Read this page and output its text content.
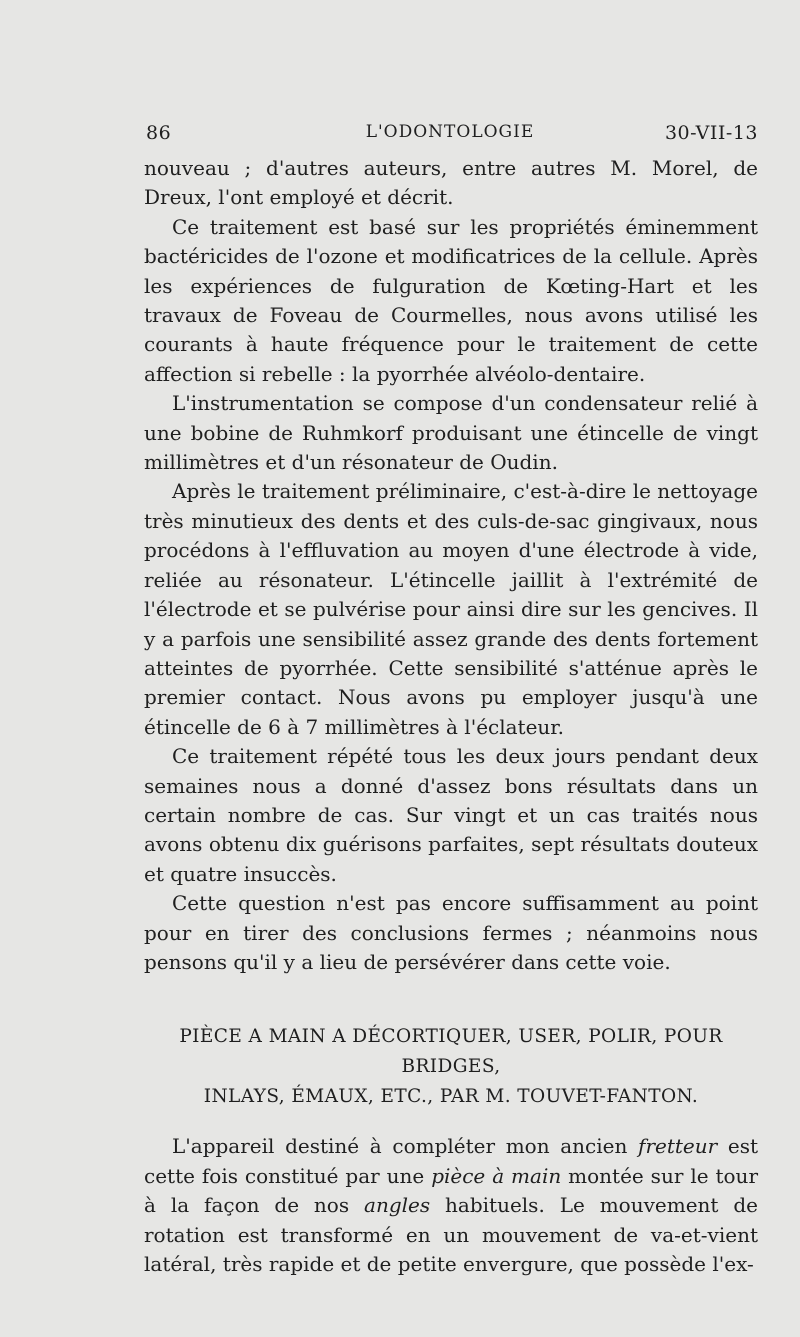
86	L'ODONTOLOGIE	30-VII-13

nouveau ; d'autres auteurs, entre autres M. Morel, de Dreux, l'ont employé et décrit.

Ce traitement est basé sur les propriétés éminemment bactéricides de l'ozone et modificatrices de la cellule. Après les expériences de fulguration de Kœting-Hart et les travaux de Foveau de Courmelles, nous avons utilisé les courants à haute fréquence pour le traitement de cette affection si rebelle : la pyorrhée alvéolo-dentaire.

L'instrumentation se compose d'un condensateur relié à une bobine de Ruhmkorf produisant une étincelle de vingt millimètres et d'un résonateur de Oudin.

Après le traitement préliminaire, c'est-à-dire le nettoyage très minutieux des dents et des culs-de-sac gingivaux, nous procédons à l'effluvation au moyen d'une électrode à vide, reliée au résonateur. L'étincelle jaillit à l'extrémité de l'électrode et se pulvérise pour ainsi dire sur les gencives. Il y a parfois une sensibilité assez grande des dents fortement atteintes de pyorrhée. Cette sensibilité s'atténue après le premier contact. Nous avons pu employer jusqu'à une étincelle de 6 à 7 millimètres à l'éclateur.

Ce traitement répété tous les deux jours pendant deux semaines nous a donné d'assez bons résultats dans un certain nombre de cas. Sur vingt et un cas traités nous avons obtenu dix guérisons parfaites, sept résultats douteux et quatre insuccès.

Cette question n'est pas encore suffisamment au point pour en tirer des conclusions fermes ; néanmoins nous pensons qu'il y a lieu de persévérer dans cette voie.

PIÈCE A MAIN A DÉCORTIQUER, USER, POLIR, POUR BRIDGES,
INLAYS, ÉMAUX, ETC., PAR M. TOUVET-FANTON.

L'appareil destiné à compléter mon ancien fretteur est cette fois constitué par une pièce à main montée sur le tour à la façon de nos angles habituels. Le mouvement de rotation est transformé en un mouvement de va-et-vient latéral, très rapide et de petite envergure, que possède l'ex-
